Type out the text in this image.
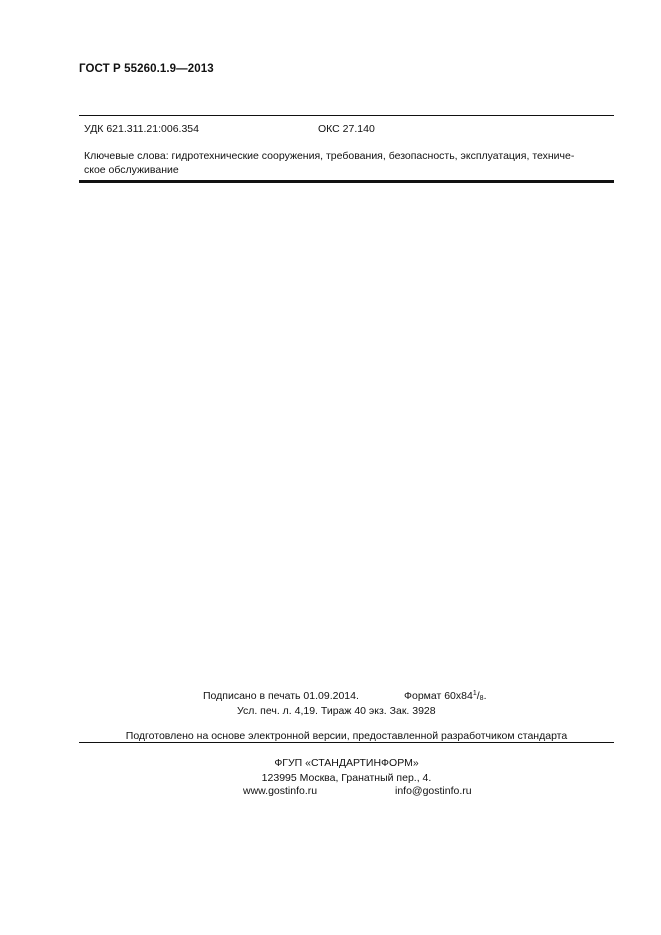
ГОСТ Р 55260.1.9—2013
УДК 621.311.21:006.354	ОКС 27.140
Ключевые слова: гидротехнические сооружения, требования, безопасность, эксплуатация, техниче-
ское обслуживание
Подписано в печать 01.09.2014.	Формат $60х84^1/_8$.
Усл. печ. л. 4,19. Тираж 40 экз. Зак. 3928
Подготовлено на основе электронной версии, предоставленной разработчиком стандарта
ФГУП «СТАНДАРТИНФОРМ»
123995 Москва, Гранатный пер., 4.
www.gostinfo.ru	info@gostinfo.ru
